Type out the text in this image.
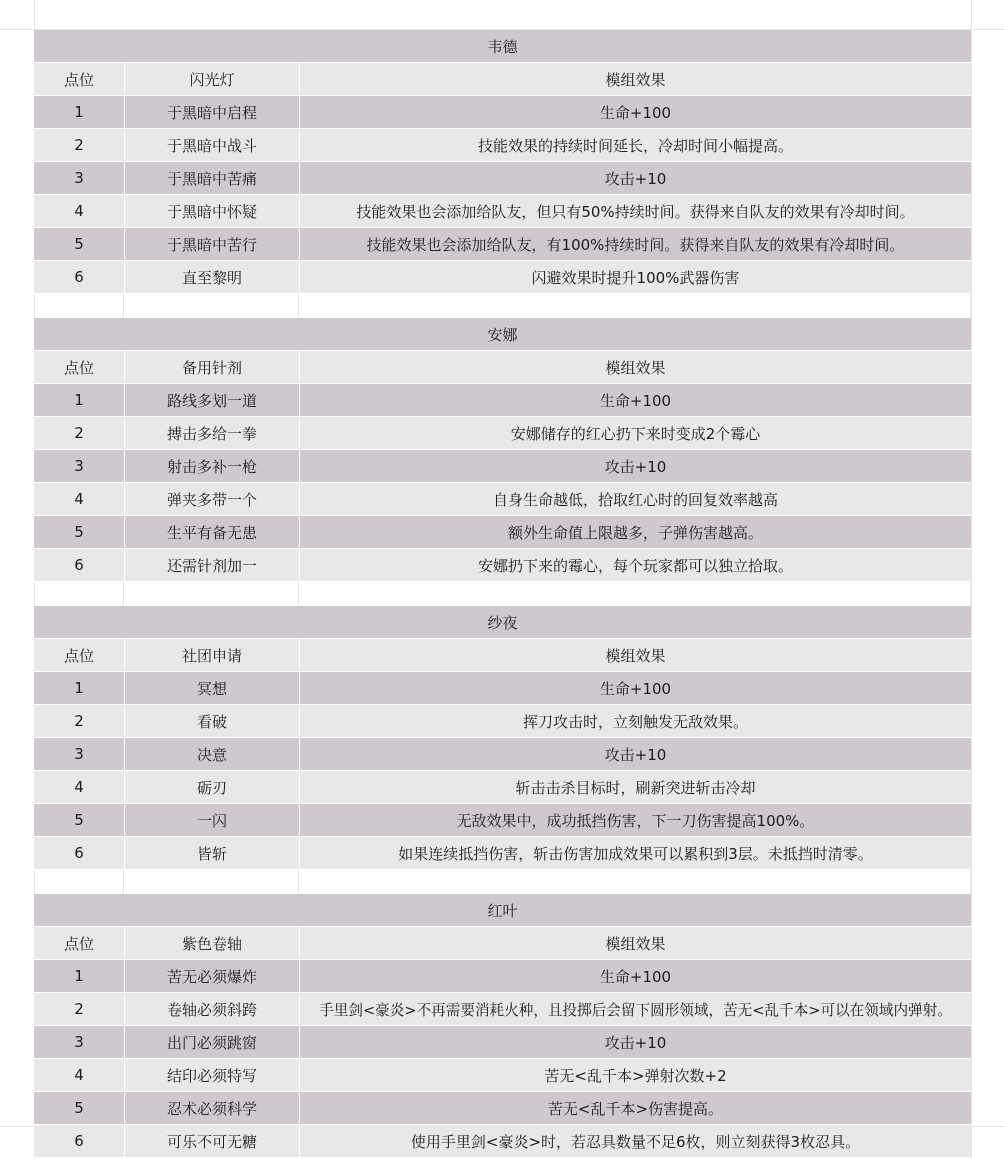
韦德
点位	闪光灯	模组效果
1	于黑暗中启程	生命+100
2	于黑暗中战斗	技能效果的持续时间延长，冷却时间小幅提高。
3	于黑暗中苦痛	攻击+10
4	于黑暗中怀疑	技能效果也会添加给队友，但只有50%持续时间。获得来自队友的效果有冷却时间。
5	于黑暗中苦行	技能效果也会添加给队友，有100%持续时间。获得来自队友的效果有冷却时间。
6	直至黎明	闪避效果时提升100%武器伤害
安娜
点位	备用针剂	模组效果
1	路线多划一道	生命+100
2	搏击多给一拳	安娜储存的红心扔下来时变成2个霉心
3	射击多补一枪	攻击+10
4	弹夹多带一个	自身生命越低，拾取红心时的回复效率越高
5	生平有备无患	额外生命值上限越多，子弹伤害越高。
6	还需针剂加一	安娜扔下来的霉心，每个玩家都可以独立拾取。
纱夜
点位	社团申请	模组效果
1	冥想	生命+100
2	看破	挥刀攻击时，立刻触发无敌效果。
3	决意	攻击+10
4	砺刃	斩击击杀目标时，刷新突进斩击冷却
5	一闪	无敌效果中，成功抵挡伤害，下一刀伤害提高100%。
6	皆斩	如果连续抵挡伤害，斩击伤害加成效果可以累积到3层。未抵挡时清零。
红叶
点位	紫色卷轴	模组效果
1	苦无必须爆炸	生命+100
2	卷轴必须斜跨	手里剑<豪炎>不再需要消耗火种，且投掷后会留下圆形领域，苦无<乱千本>可以在领域内弹射。
3	出门必须跳窗	攻击+10
4	结印必须特写	苦无<乱千本>弹射次数+2
5	忍术必须科学	苦无<乱千本>伤害提高。
6	可乐不可无糖	使用手里剑<豪炎>时，若忍具数量不足6枚，则立刻获得3枚忍具。
